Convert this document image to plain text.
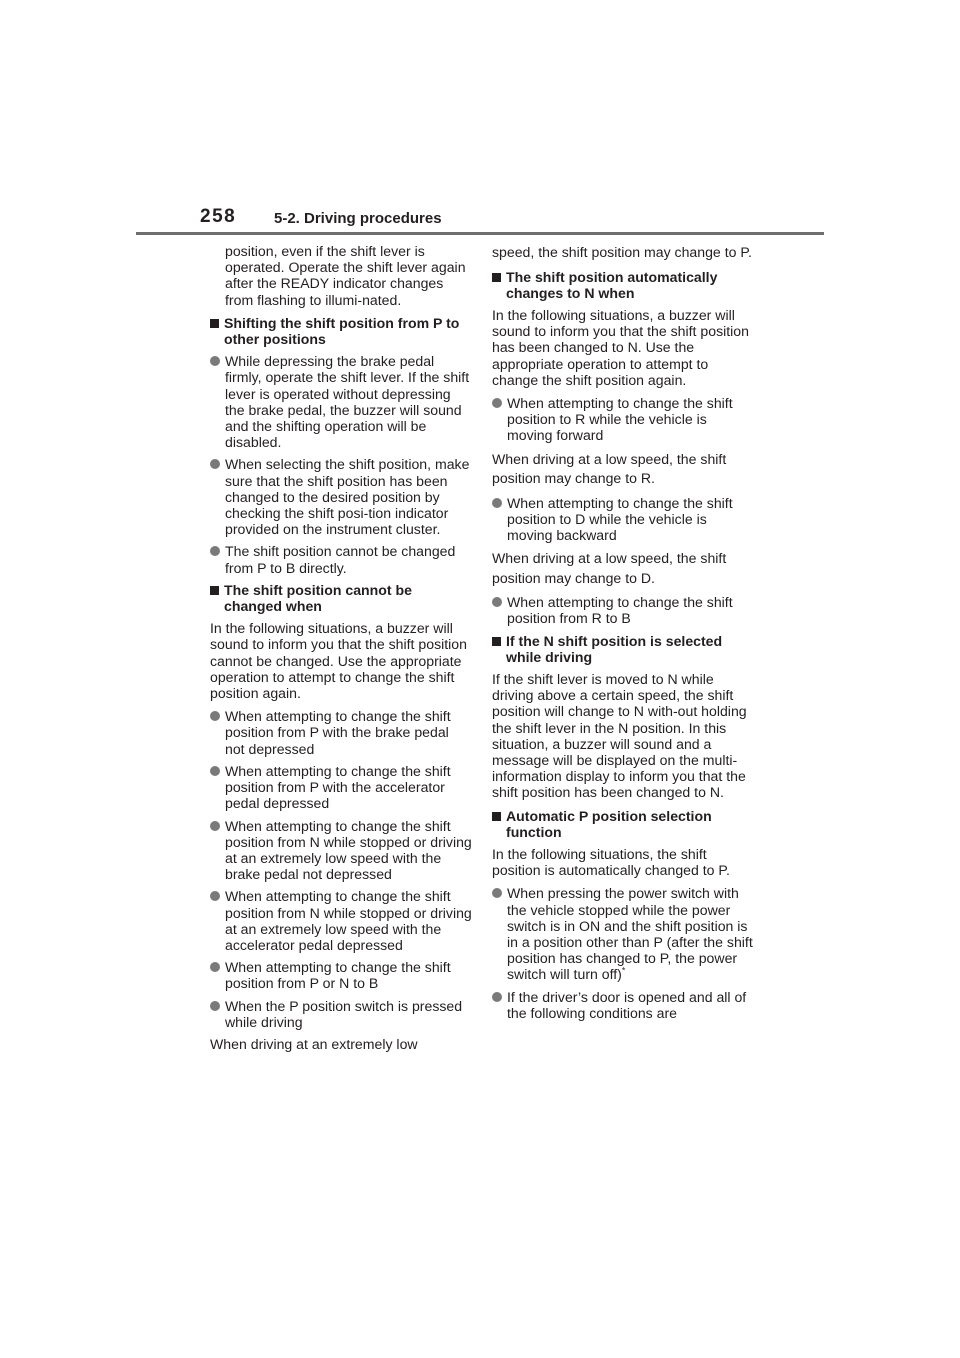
258	5-2. Driving procedures

position, even if the shift lever is operated. Operate the shift lever again after the READY indicator changes from flashing to illumi-nated.

Shifting the shift position from P to other positions
While depressing the brake pedal firmly, operate the shift lever. If the shift lever is operated without depressing the brake pedal, the buzzer will sound and the shifting operation will be disabled.
When selecting the shift position, make sure that the shift position has been changed to the desired position by checking the shift posi-tion indicator provided on the instrument cluster.
The shift position cannot be changed from P to B directly.
The shift position cannot be changed when

In the following situations, a buzzer will sound to inform you that the shift position cannot be changed. Use the appropriate operation to attempt to change the shift position again.

When attempting to change the shift position from P with the brake pedal not depressed
When attempting to change the shift position from P with the accelerator pedal depressed
When attempting to change the shift position from N while stopped or driving at an extremely low speed with the brake pedal not depressed
When attempting to change the shift position from N while stopped or driving at an extremely low speed with the accelerator pedal depressed
When attempting to change the shift position from P or N to B
When the P position switch is pressed while driving

When driving at an extremely low

speed, the shift position may change to P.

The shift position automatically changes to N when

In the following situations, a buzzer will sound to inform you that the shift position has been changed to N. Use the appropriate operation to attempt to change the shift position again.

When attempting to change the shift position to R while the vehicle is moving forward

When driving at a low speed, the shift position may change to R.

When attempting to change the shift position to D while the vehicle is moving backward

When driving at a low speed, the shift position may change to D.

When attempting to change the shift position from R to B
If the N shift position is selected while driving

If the shift lever is moved to N while driving above a certain speed, the shift position will change to N with-out holding the shift lever in the N position. In this situation, a buzzer will sound and a message will be displayed on the multi-information display to inform you that the shift position has been changed to N.

Automatic P position selection function

In the following situations, the shift position is automatically changed to P.

When pressing the power switch with the vehicle stopped while the power switch is in ON and the shift position is in a position other than P (after the shift position has changed to P, the power switch will turn off)*
If the driver’s door is opened and all of the following conditions are
